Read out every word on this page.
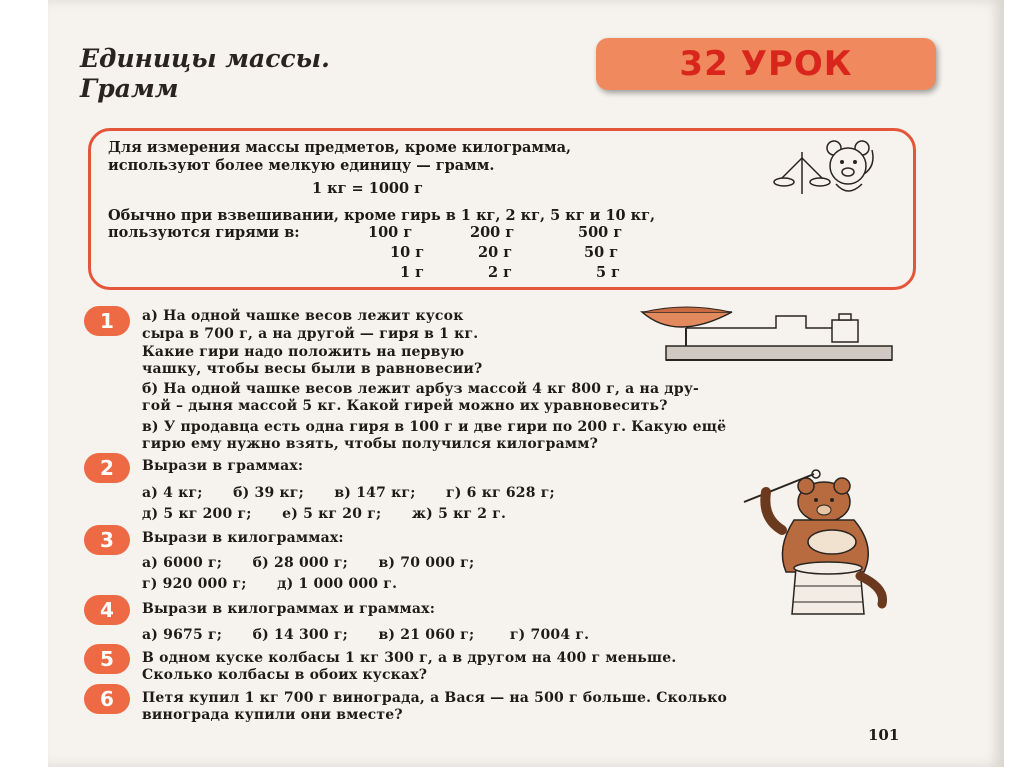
Единицы массы.
Грамм
32 УРОК
Для измерения массы предметов, кроме килограмма,
используют более мелкую единицу — грамм.
1 кг = 1000 г
Обычно при взвешивании, кроме гирь в 1 кг, 2 кг, 5 кг и 10 кг,
пользуются гирями в:	100 г	200 г	500 г
10 г	20 г	50 г
1 г	2 г	5 г
1	а) На одной чашке весов лежит кусок
сыра в 700 г, а на другой — гиря в 1 кг.
Какие гири надо положить на первую
чашку, чтобы весы были в равновесии?
б) На одной чашке весов лежит арбуз массой 4 кг 800 г, а на дру-
гой – дыня массой 5 кг. Какой гирей можно их уравновесить?
в) У продавца есть одна гиря в 100 г и две гири по 200 г. Какую ещё
гирю ему нужно взять, чтобы получился килограмм?
2	Вырази в граммах:
а) 4 кг;      б) 39 кг;      в) 147 кг;      г) 6 кг 628 г;
д) 5 кг 200 г;      е) 5 кг 20 г;      ж) 5 кг 2 г.
3	Вырази в килограммах:
а) 6000 г;      б) 28 000 г;      в) 70 000 г;
г) 920 000 г;      д) 1 000 000 г.
4	Вырази в килограммах и граммах:
а) 9675 г;      б) 14 300 г;      в) 21 060 г;       г) 7004 г.
5	В одном куске колбасы 1 кг 300 г, а в другом на 400 г меньше.
Сколько колбасы в обоих кусках?
6	Петя купил 1 кг 700 г винограда, а Вася — на 500 г больше. Сколько
винограда купили они вместе?
101
